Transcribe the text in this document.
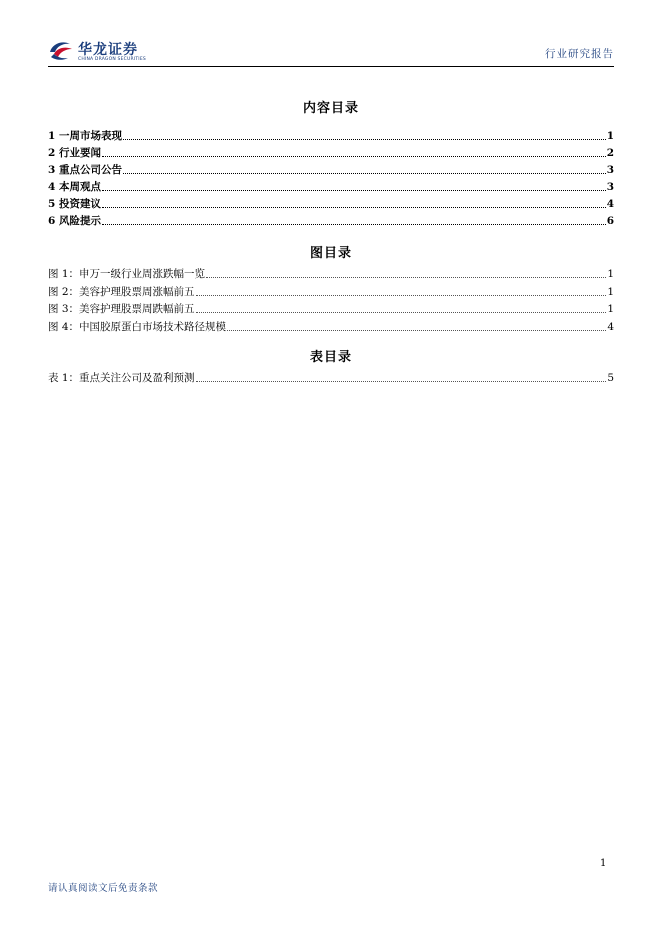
华龙证券
CHINA DRAGON SECURITIES	行业研究报告
内容目录
1 一周市场表现	1
2 行业要闻	2
3 重点公司公告	3
4 本周观点	3
5 投资建议	4
6 风险提示	6
图目录
图 1：申万一级行业周涨跌幅一览	1
图 2：美容护理股票周涨幅前五	1
图 3：美容护理股票周跌幅前五	1
图 4：中国胶原蛋白市场技术路径规模	4
表目录
表 1：重点关注公司及盈利预测	5
1
请认真阅读文后免责条款
